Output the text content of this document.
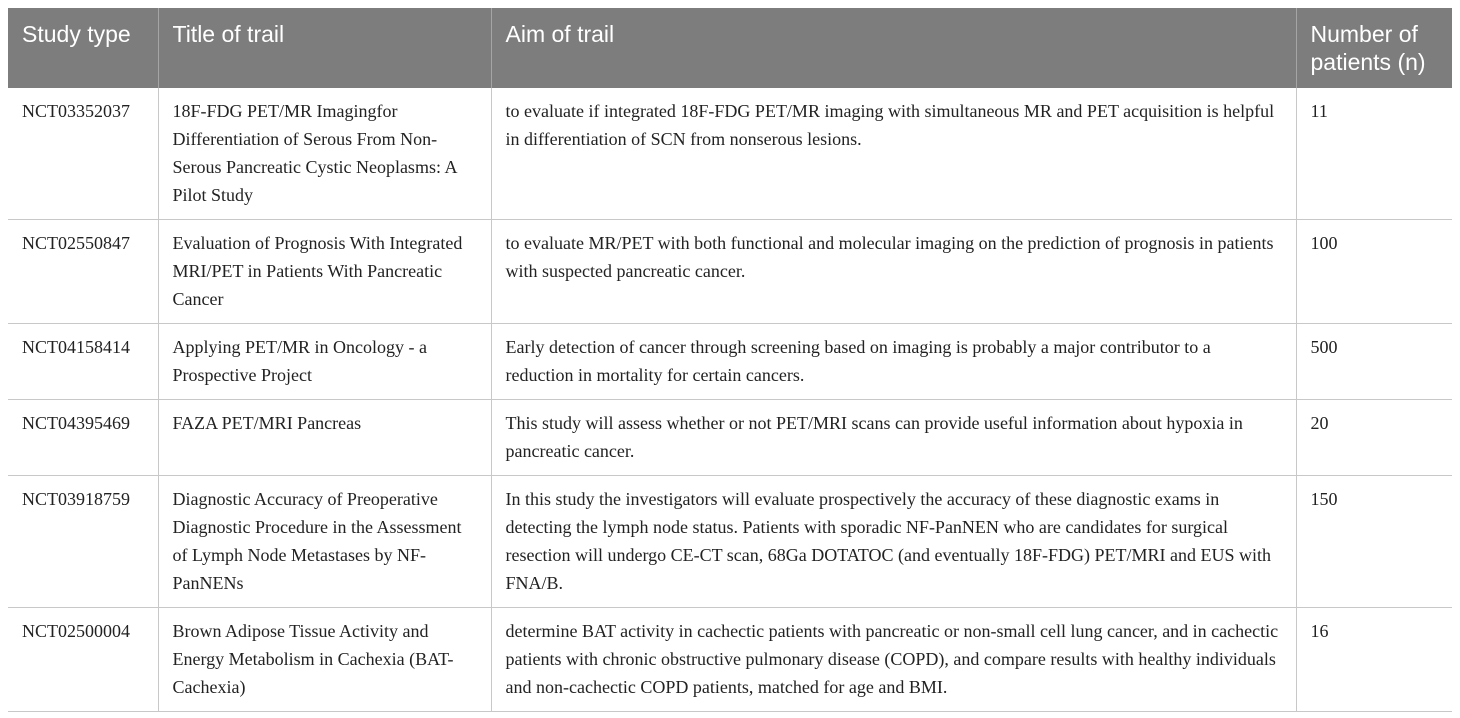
Study type	Title of trail	Aim of trail	Number of patients (n)
NCT03352037	18F-FDG PET/MR Imagingfor Differentiation of Serous From Non-Serous Pancreatic Cystic Neoplasms: A Pilot Study	to evaluate if integrated 18F-FDG PET/MR imaging with simultaneous MR and PET acquisition is helpful in differentiation of SCN from nonserous lesions.	11
NCT02550847	Evaluation of Prognosis With Integrated MRI/PET in Patients With Pancreatic Cancer	to evaluate MR/PET with both functional and molecular imaging on the prediction of prognosis in patients with suspected pancreatic cancer.	100
NCT04158414	Applying PET/MR in Oncology - a Prospective Project	Early detection of cancer through screening based on imaging is probably a major contributor to a reduction in mortality for certain cancers.	500
NCT04395469	FAZA PET/MRI Pancreas	This study will assess whether or not PET/MRI scans can provide useful information about hypoxia in pancreatic cancer.	20
NCT03918759	Diagnostic Accuracy of Preoperative Diagnostic Procedure in the Assessment of Lymph Node Metastases by NF-PanNENs	In this study the investigators will evaluate prospectively the accuracy of these diagnostic exams in detecting the lymph node status. Patients with sporadic NF-PanNEN who are candidates for surgical resection will undergo CE-CT scan, 68Ga DOTATOC (and eventually 18F-FDG) PET/MRI and EUS with FNA/B.	150
NCT02500004	Brown Adipose Tissue Activity and Energy Metabolism in Cachexia (BAT-Cachexia)	determine BAT activity in cachectic patients with pancreatic or non-small cell lung cancer, and in cachectic patients with chronic obstructive pulmonary disease (COPD), and compare results with healthy individuals and non-cachectic COPD patients, matched for age and BMI.	16
